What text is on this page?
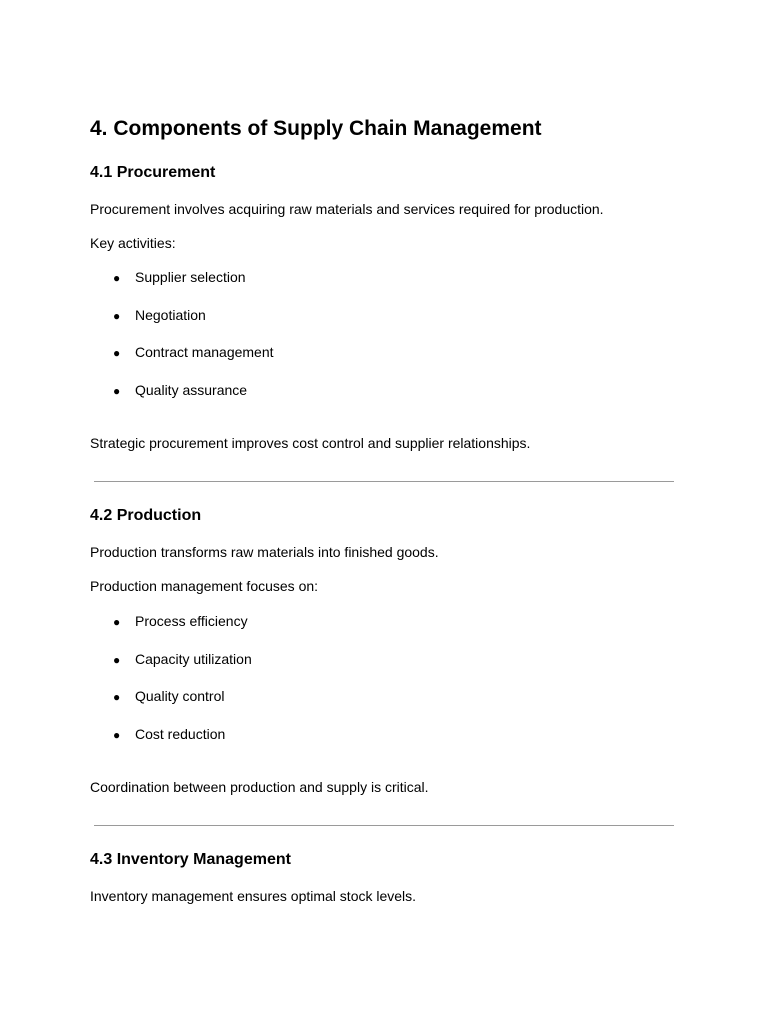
4. Components of Supply Chain Management
4.1 Procurement

Procurement involves acquiring raw materials and services required for production.

Key activities:

● Supplier selection
● Negotiation
● Contract management
● Quality assurance

Strategic procurement improves cost control and supplier relationships.

4.2 Production

Production transforms raw materials into finished goods.

Production management focuses on:

● Process efficiency
● Capacity utilization
● Quality control
● Cost reduction

Coordination between production and supply is critical.

4.3 Inventory Management

Inventory management ensures optimal stock levels.
